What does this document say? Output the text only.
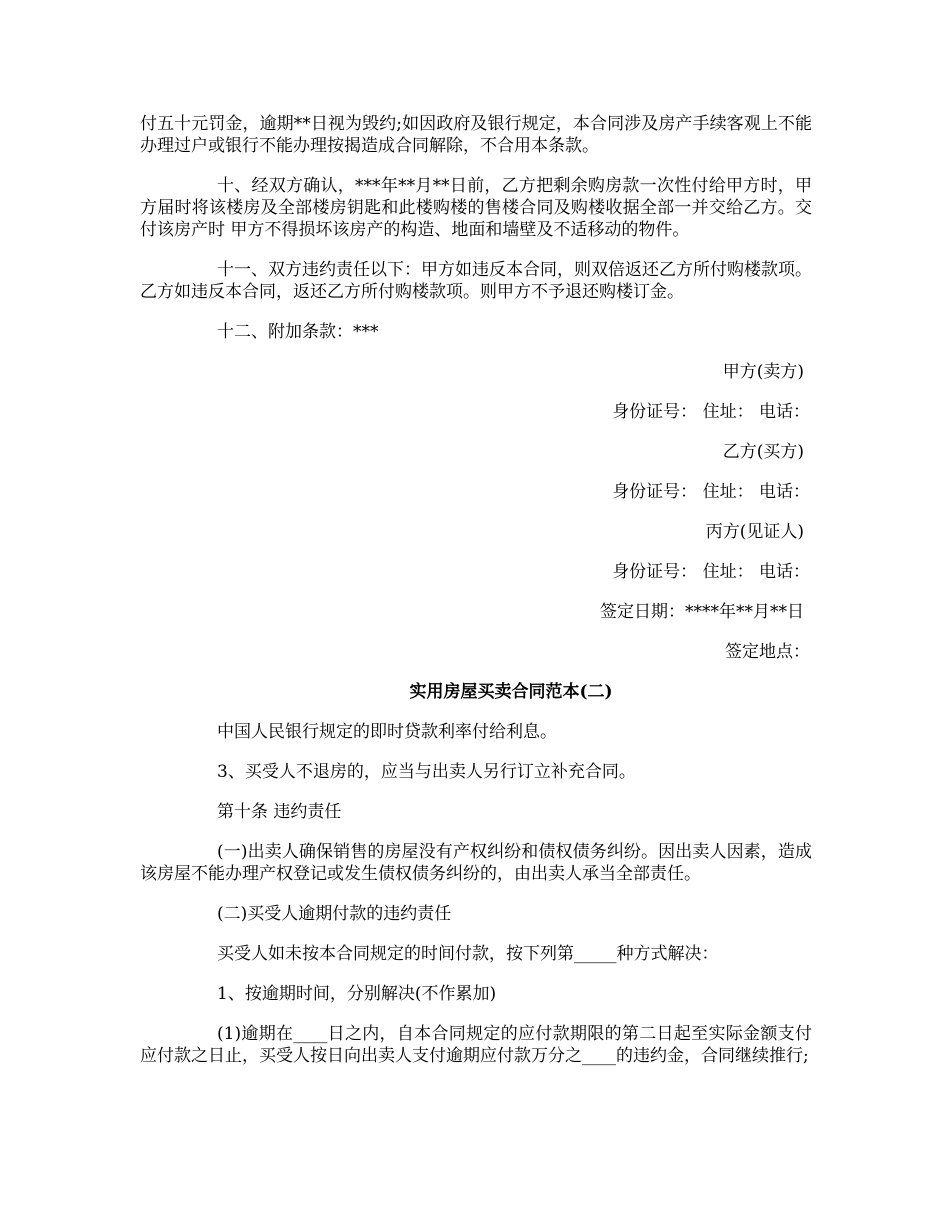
付五十元罚金，逾期**日视为毁约;如因政府及银行规定，本合同涉及房产手续客观上不能办理过户或银行不能办理按揭造成合同解除，不合用本条款。

十、经双方确认，***年**月**日前，乙方把剩余购房款一次性付给甲方时，甲方届时将该楼房及全部楼房钥匙和此楼购楼的售楼合同及购楼收据全部一并交给乙方。交付该房产时 甲方不得损坏该房产的构造、地面和墙壁及不适移动的物件。

十一、双方违约责任以下：甲方如违反本合同，则双倍返还乙方所付购楼款项。乙方如违反本合同，返还乙方所付购楼款项。则甲方不予退还购楼订金。

十二、附加条款：***

甲方(卖方)

身份证号： 住址： 电话：

乙方(买方)

身份证号： 住址： 电话：

丙方(见证人)

身份证号： 住址： 电话：

签定日期：****年**月**日

签定地点：

实用房屋买卖合同范本(二)

中国人民银行规定的即时贷款利率付给利息。

3、买受人不退房的，应当与出卖人另行订立补充合同。

第十条 违约责任

(一)出卖人确保销售的房屋没有产权纠纷和债权债务纠纷。因出卖人因素，造成该房屋不能办理产权登记或发生债权债务纠纷的，由出卖人承当全部责任。

(二)买受人逾期付款的违约责任

买受人如未按本合同规定的时间付款，按下列第_____种方式解决：

1、按逾期时间，分别解决(不作累加)

(1)逾期在____日之内，自本合同规定的应付款期限的第二日起至实际金额支付应付款之日止，买受人按日向出卖人支付逾期应付款万分之____的违约金，合同继续推行;
